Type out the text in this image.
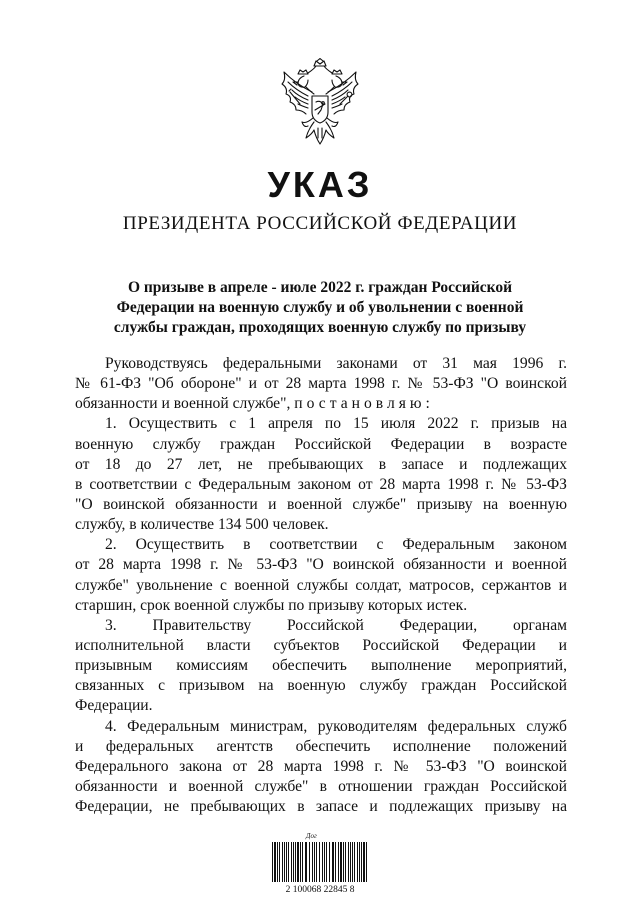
УКАЗ
ПРЕЗИДЕНТА РОССИЙСКОЙ ФЕДЕРАЦИИ
О призыве в апреле - июле 2022 г. граждан Российской
Федерации на военную службу и об увольнении с военной
службы граждан, проходящих военную службу по призыву
Руководствуясь федеральными законами от 31 мая 1996 г.
№ 61-ФЗ "Об обороне" и от 28 марта 1998 г. № 53-ФЗ "О воинской
обязанности и военной службе", постановляю:
1. Осуществить с 1 апреля по 15 июля 2022 г. призыв на
военную службу граждан Российской Федерации в возрасте
от 18 до 27 лет, не пребывающих в запасе и подлежащих
в соответствии с Федеральным законом от 28 марта 1998 г. № 53-ФЗ
"О воинской обязанности и военной службе" призыву на военную
службу, в количестве 134 500 человек.
2. Осуществить в соответствии с Федеральным законом
от 28 марта 1998 г. № 53-ФЗ "О воинской обязанности и военной
службе" увольнение с военной службы солдат, матросов, сержантов и
старшин, срок военной службы по призыву которых истек.
3. Правительству Российской Федерации, органам
исполнительной власти субъектов Российской Федерации и
призывным комиссиям обеспечить выполнение мероприятий,
связанных с призывом на военную службу граждан Российской
Федерации.
4. Федеральным министрам, руководителям федеральных служб
и федеральных агентств обеспечить исполнение положений
Федерального закона от 28 марта 1998 г. № 53-ФЗ "О воинской
обязанности и военной службе" в отношении граждан Российской
Федерации, не пребывающих в запасе и подлежащих призыву на
Дог
2 100068 22845 8
